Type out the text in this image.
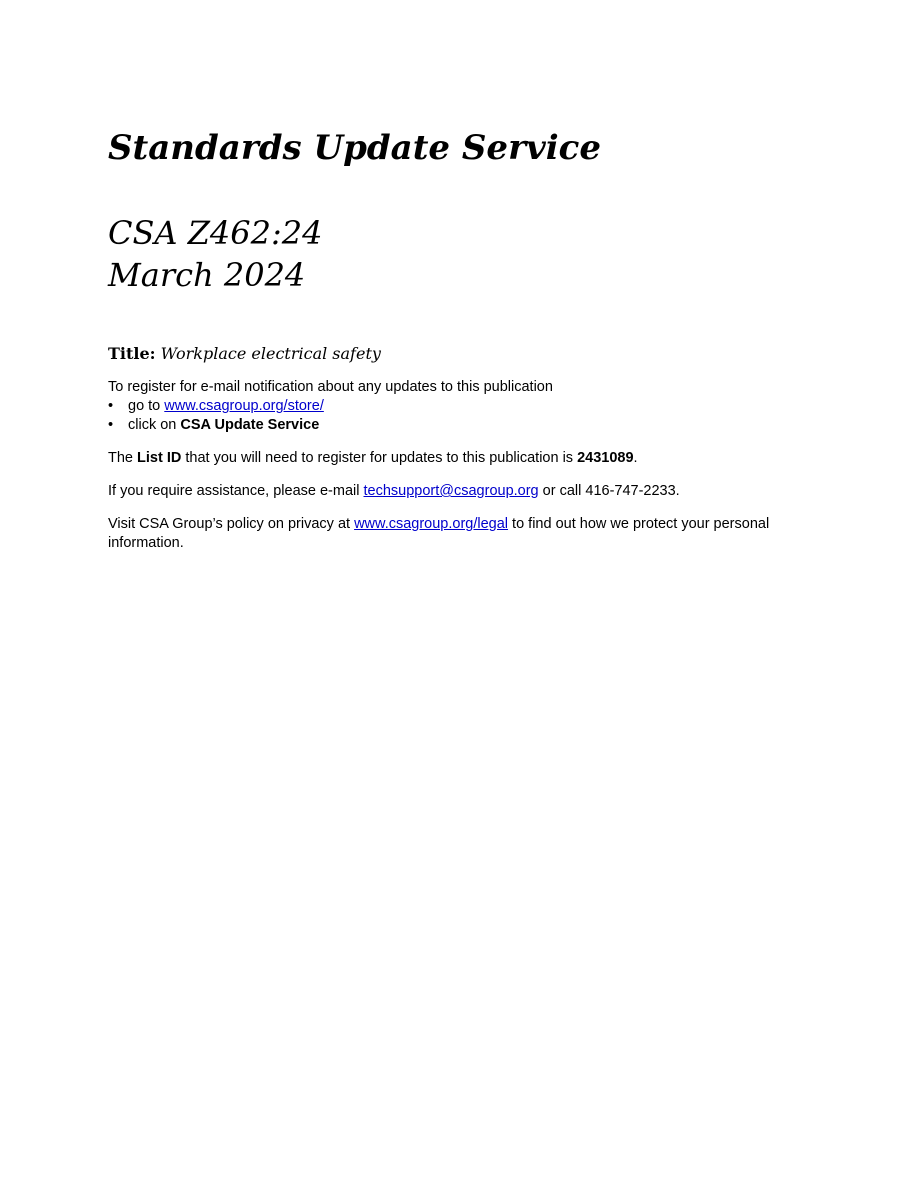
Standards Update Service
CSA Z462:24
March 2024
Title: Workplace electrical safety

To register for e-mail notification about any updates to this publication

• go to www.csagroup.org/store/
• click on CSA Update Service

The List ID that you will need to register for updates to this publication is 2431089.

If you require assistance, please e-mail techsupport@csagroup.org or call 416-747-2233.

Visit CSA Group’s policy on privacy at www.csagroup.org/legal to find out how we protect your personal information.
